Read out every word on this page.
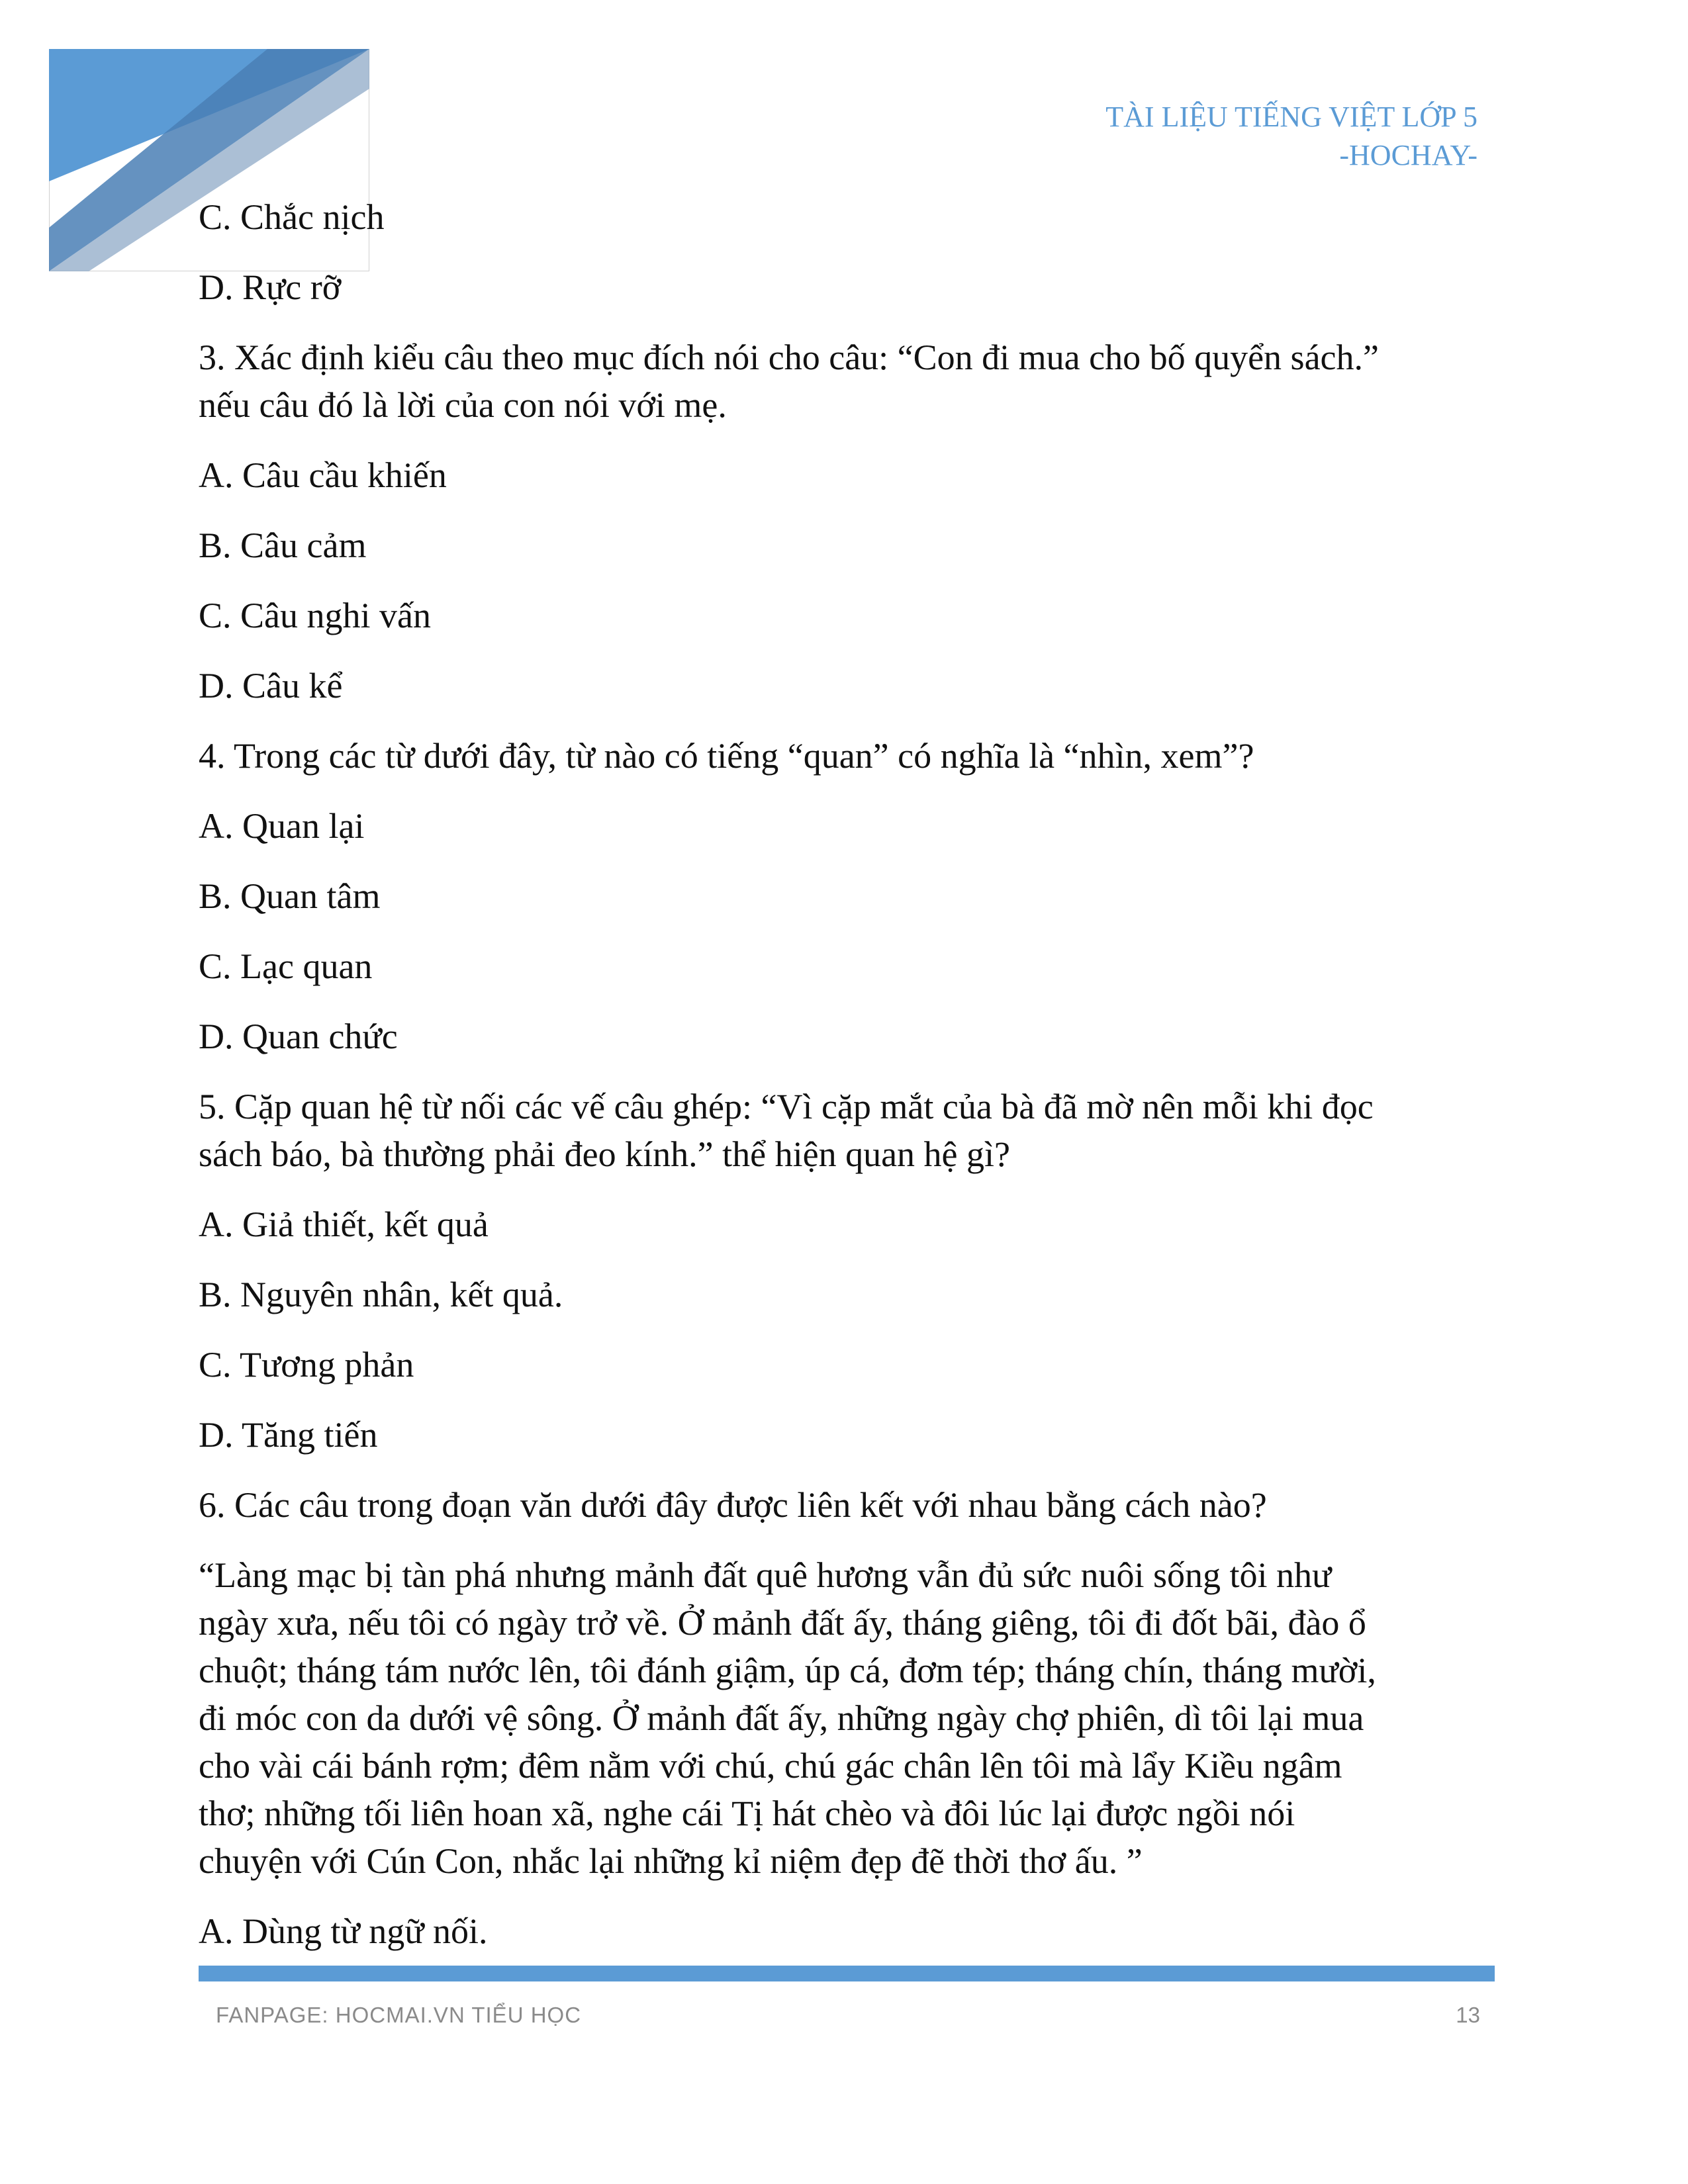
TÀI LIỆU TIẾNG VIỆT LỚP 5
-HOCHAY-
C. Chắc nịch
D. Rực rỡ
3. Xác định kiểu câu theo mục đích nói cho câu: “Con đi mua cho bố quyển sách.”
nếu câu đó là lời của con nói với mẹ.
A. Câu cầu khiến
B. Câu cảm
C. Câu nghi vấn
D. Câu kể
4. Trong các từ dưới đây, từ nào có tiếng “quan” có nghĩa là “nhìn, xem”?
A. Quan lại
B. Quan tâm
C. Lạc quan
D. Quan chức
5. Cặp quan hệ từ nối các vế câu ghép: “Vì cặp mắt của bà đã mờ nên mỗi khi đọc
sách báo, bà thường phải đeo kính.” thể hiện quan hệ gì?
A. Giả thiết, kết quả
B. Nguyên nhân, kết quả.
C. Tương phản
D. Tăng tiến
6. Các câu trong đoạn văn dưới đây được liên kết với nhau bằng cách nào?
“Làng mạc bị tàn phá nhưng mảnh đất quê hương vẫn đủ sức nuôi sống tôi như
ngày xưa, nếu tôi có ngày trở về. Ở mảnh đất ấy, tháng giêng, tôi đi đốt bãi, đào ổ
chuột; tháng tám nước lên, tôi đánh giậm, úp cá, đơm tép; tháng chín, tháng mười,
đi móc con da dưới vệ sông. Ở mảnh đất ấy, những ngày chợ phiên, dì tôi lại mua
cho vài cái bánh rợm; đêm nằm với chú, chú gác chân lên tôi mà lẩy Kiều ngâm
thơ; những tối liên hoan xã, nghe cái Tị hát chèo và đôi lúc lại được ngồi nói
chuyện với Cún Con, nhắc lại những kỉ niệm đẹp đẽ thời thơ ấu. ”
A. Dùng từ ngữ nối.
FANPAGE: HOCMAI.VN TIỂU HỌC	13
